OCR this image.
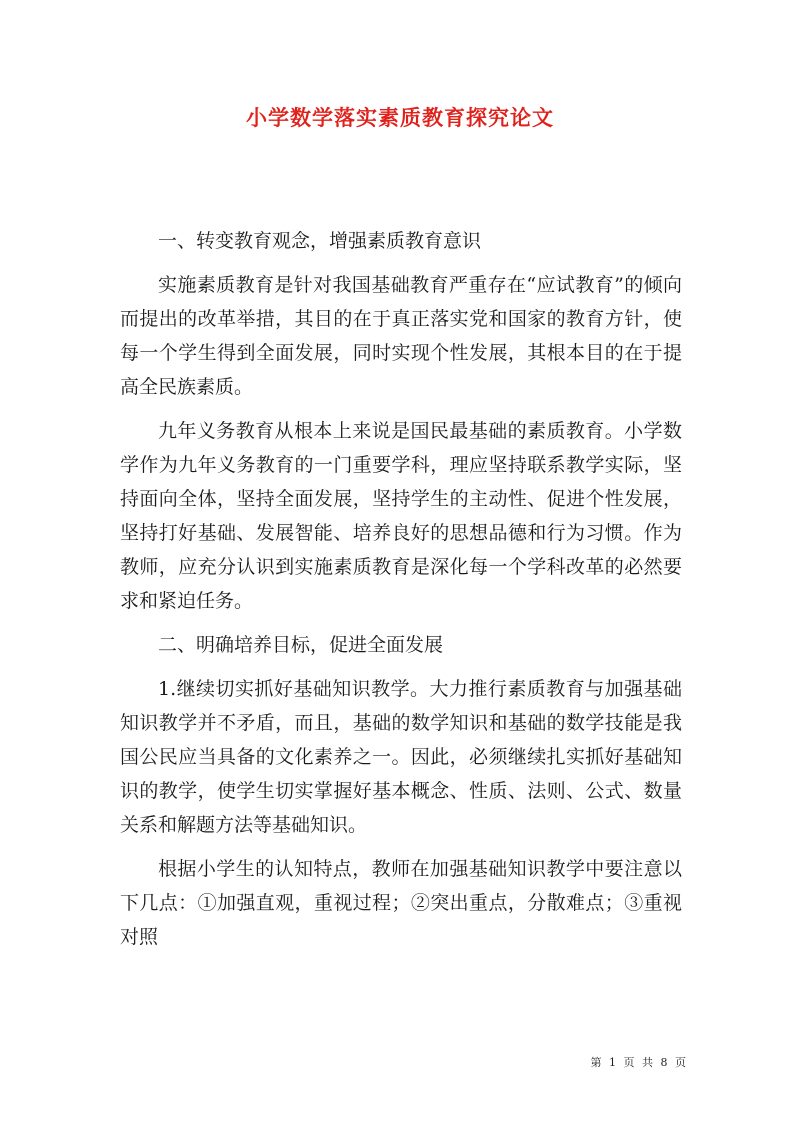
小学数学落实素质教育探究论文

一、转变教育观念，增强素质教育意识

实施素质教育是针对我国基础教育严重存在“应试教育”的倾向而提出的改革举措，其目的在于真正落实党和国家的教育方针，使每一个学生得到全面发展，同时实现个性发展，其根本目的在于提高全民族素质。

九年义务教育从根本上来说是国民最基础的素质教育。小学数学作为九年义务教育的一门重要学科，理应坚持联系教学实际，坚持面向全体，坚持全面发展，坚持学生的主动性、促进个性发展，坚持打好基础、发展智能、培养良好的思想品德和行为习惯。作为教师，应充分认识到实施素质教育是深化每一个学科改革的必然要求和紧迫任务。

二、明确培养目标，促进全面发展

1.继续切实抓好基础知识教学。大力推行素质教育与加强基础知识教学并不矛盾，而且，基础的数学知识和基础的数学技能是我国公民应当具备的文化素养之一。因此，必须继续扎实抓好基础知识的教学，使学生切实掌握好基本概念、性质、法则、公式、数量关系和解题方法等基础知识。

根据小学生的认知特点，教师在加强基础知识教学中要注意以下几点：①加强直观，重视过程；②突出重点，分散难点；③重视对照

第 1 页 共 8 页
